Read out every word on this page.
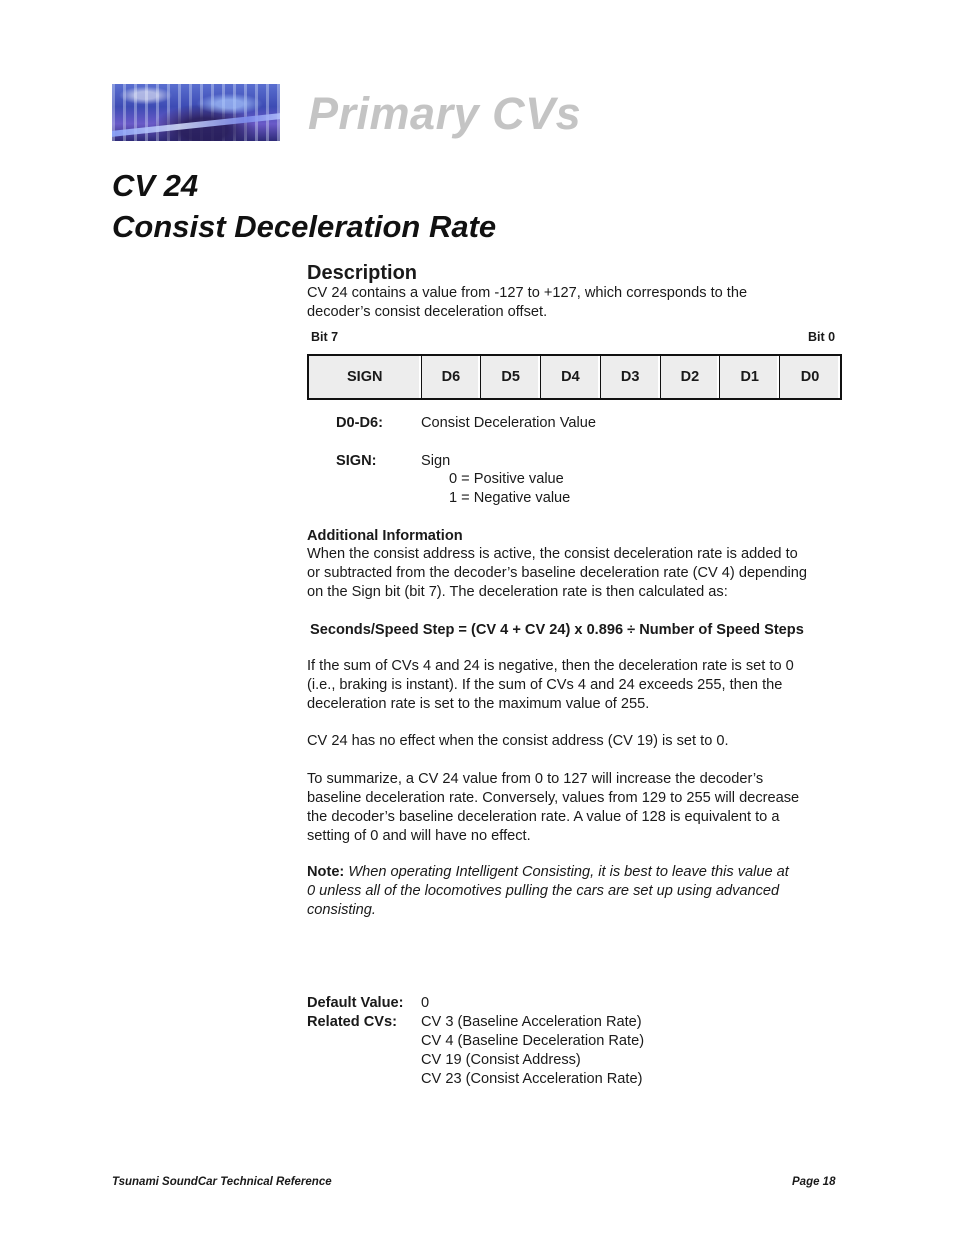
Primary CVs
CV 24
Consist Deceleration Rate
Description
CV 24 contains a value from -127 to +127, which corresponds to the
decoder’s consist deceleration offset.
Bit 7	Bit 0
SIGN	D6	D5	D4	D3	D2	D1	D0
D0-D6:	Consist Deceleration Value
SIGN:	Sign
0 = Positive value
1 = Negative value
Additional Information
When the consist address is active, the consist deceleration rate is added to
or subtracted from the decoder’s baseline deceleration rate (CV 4) depending
on the Sign bit (bit 7). The deceleration rate is then calculated as:
Seconds/Speed Step = (CV 4 + CV 24) x 0.896 ÷ Number of Speed Steps
If the sum of CVs 4 and 24 is negative, then the deceleration rate is set to 0
(i.e., braking is instant). If the sum of CVs 4 and 24 exceeds 255, then the
deceleration rate is set to the maximum value of 255.
CV 24 has no effect when the consist address (CV 19) is set to 0.
To summarize, a CV 24 value from 0 to 127 will increase the decoder’s
baseline deceleration rate. Conversely, values from 129 to 255 will decrease
the decoder’s baseline deceleration rate. A value of 128 is equivalent to a
setting of 0 and will have no effect.
Note: When operating Intelligent Consisting, it is best to leave this value at
0 unless all of the locomotives pulling the cars are set up using advanced
consisting.
Default Value: 0
Related CVs: CV 3 (Baseline Acceleration Rate)
CV 4 (Baseline Deceleration Rate)
CV 19 (Consist Address)
CV 23 (Consist Acceleration Rate)
Tsunami SoundCar Technical Reference	Page 18
